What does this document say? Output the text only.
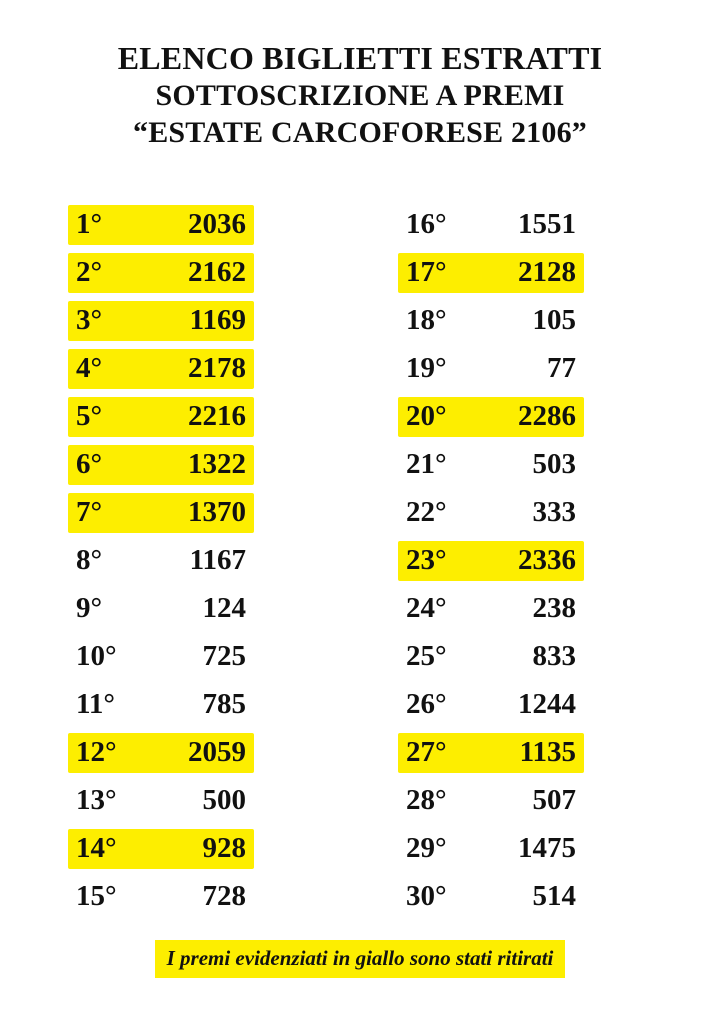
ELENCO BIGLIETTI ESTRATTI
SOTTOSCRIZIONE A PREMI
“ESTATE CARCOFORESE 2106”
1°	2036
2°	2162
3°	1169
4°	2178
5°	2216
6°	1322
7°	1370
8°	1167
9°	124
10°	725
11°	785
12°	2059
13°	500
14°	928
15°	728
16°	1551
17°	2128
18°	105
19°	77
20°	2286
21°	503
22°	333
23°	2336
24°	238
25°	833
26°	1244
27°	1135
28°	507
29°	1475
30°	514
I premi evidenziati in giallo sono stati ritirati
